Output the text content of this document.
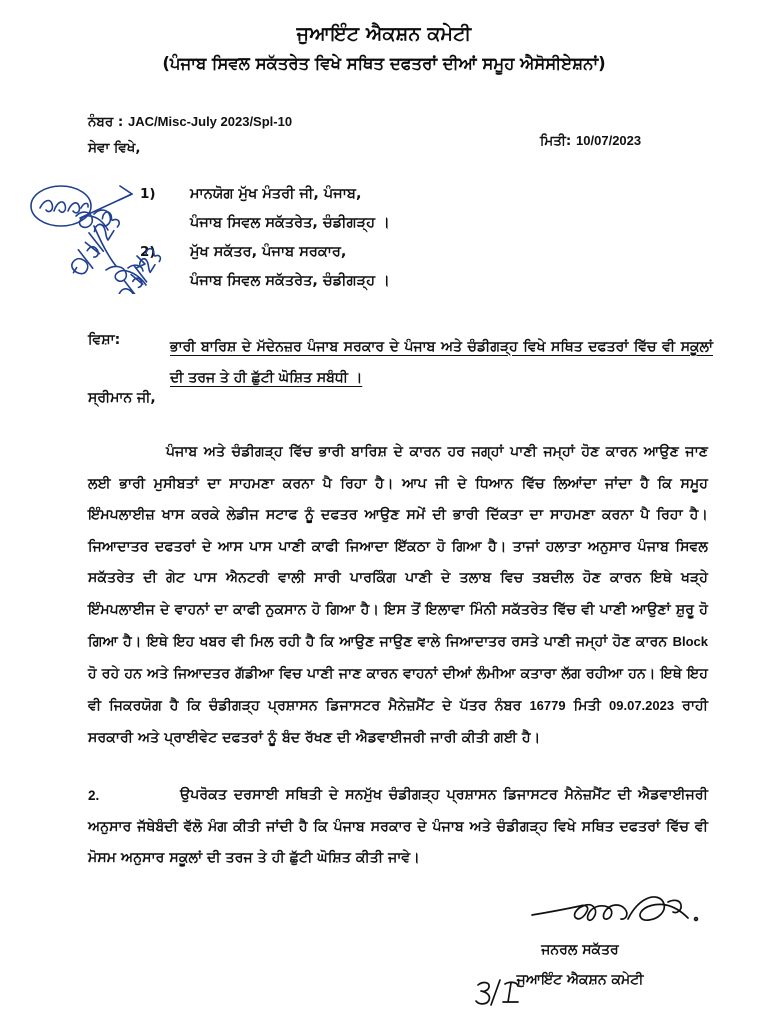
ਜੁਆਇੰਟ ਐਕਸ਼ਨ ਕਮੇਟੀ
(ਪੰਜਾਬ ਸਿਵਲ ਸਕੱਤਰੇਤ ਵਿਖੇ ਸਥਿਤ ਦਫਤਰਾਂ ਦੀਆਂ ਸਮੂਹ ਐਸੋਸੀਏਸ਼ਨਾਂ)
ਨੰਬਰ : JAC/Misc-July 2023/Spl-10
ਸੇਵਾ ਵਿਖੇ,	ਮਿਤੀ: 10/07/2023
1) ਮਾਨਯੋਗ ਮੁੱਖ ਮੰਤਰੀ ਜੀ, ਪੰਜਾਬ,
ਪੰਜਾਬ ਸਿਵਲ ਸਕੱਤਰੇਤ, ਚੰਡੀਗੜ੍ਹ ।
2) ਮੁੱਖ ਸਕੱਤਰ, ਪੰਜਾਬ ਸਰਕਾਰ,
ਪੰਜਾਬ ਸਿਵਲ ਸਕੱਤਰੇਤ, ਚੰਡੀਗੜ੍ਹ ।
ਵਿਸ਼ਾ:	ਭਾਰੀ ਬਾਰਿਸ਼ ਦੇ ਮੱਦੇਨਜ਼ਰ ਪੰਜਾਬ ਸਰਕਾਰ ਦੇ ਪੰਜਾਬ ਅਤੇ ਚੰਡੀਗੜ੍ਹ ਵਿਖੇ ਸਥਿਤ ਦਫਤਰਾਂ ਵਿੱਚ ਵੀ ਸਕੂਲਾਂ ਦੀ ਤਰਜ ਤੇ ਹੀ ਛੁੱਟੀ ਘੋਸ਼ਿਤ ਸਬੰਧੀ ।
ਸ੍ਰੀਮਾਨ ਜੀ,
ਪੰਜਾਬ ਅਤੇ ਚੰਡੀਗੜ੍ਹ ਵਿੱਚ ਭਾਰੀ ਬਾਰਿਸ਼ ਦੇ ਕਾਰਨ ਹਰ ਜਗ੍ਹਾਂ ਪਾਣੀ ਜਮ੍ਹਾਂ ਹੋਣ ਕਾਰਨ ਆਉਣ ਜਾਣ ਲਈ ਭਾਰੀ ਮੁਸੀਬਤਾਂ ਦਾ ਸਾਹਮਣਾ ਕਰਨਾ ਪੈ ਰਿਹਾ ਹੈ। ਆਪ ਜੀ ਦੇ ਧਿਆਨ ਵਿੱਚ ਲਿਆਂਦਾ ਜਾਂਦਾ ਹੈ ਕਿ ਸਮੂਹ ਇੰਮਪਲਾਈਜ਼ ਖਾਸ ਕਰਕੇ ਲੇਡੀਜ ਸਟਾਫ ਨੂੰ ਦਫਤਰ ਆਉਣ ਸਮੇਂ ਦੀ ਭਾਰੀ ਦਿੱਕਤਾ ਦਾ ਸਾਹਮਣਾ ਕਰਨਾ ਪੈ ਰਿਹਾ ਹੈ। ਜਿਆਦਾਤਰ ਦਫਤਰਾਂ ਦੇ ਆਸ ਪਾਸ ਪਾਣੀ ਕਾਫੀ ਜਿਆਦਾ ਇੱਕਠਾ ਹੋ ਗਿਆ ਹੈ। ਤਾਜਾਂ ਹਲਾਤਾ ਅਨੁਸਾਰ ਪੰਜਾਬ ਸਿਵਲ ਸਕੱਤਰੇਤ ਦੀ ਗੇਟ ਪਾਸ ਐਨਟਰੀ ਵਾਲੀ ਸਾਰੀ ਪਾਰਕਿੰਗ ਪਾਣੀ ਦੇ ਤਲਾਬ ਵਿਚ ਤਬਦੀਲ ਹੋਣ ਕਾਰਨ ਇਥੇ ਖੜ੍ਹੇ ਇੰਮਪਲਾਈਜ ਦੇ ਵਾਹਨਾਂ ਦਾ ਕਾਫੀ ਨੁਕਸਾਨ ਹੋ ਗਿਆ ਹੈ। ਇਸ ਤੋਂ ਇਲਾਵਾ ਮਿੰਨੀ ਸਕੱਤਰੇਤ ਵਿੱਚ ਵੀ ਪਾਣੀ ਆਉਣਾਂ ਸ਼ੁਰੂ ਹੋ ਗਿਆ ਹੈ। ਇਥੇ ਇਹ ਖਬਰ ਵੀ ਮਿਲ ਰਹੀ ਹੈ ਕਿ ਆਉਣ ਜਾਉਣ ਵਾਲੇ ਜਿਆਦਾਤਰ ਰਸਤੇ ਪਾਣੀ ਜਮ੍ਹਾਂ ਹੋਣ ਕਾਰਨ Block ਹੋ ਰਹੇ ਹਨ ਅਤੇ ਜਿਆਦਤਰ ਗੱਡੀਆ ਵਿਚ ਪਾਣੀ ਜਾਣ ਕਾਰਨ ਵਾਹਨਾਂ ਦੀਆਂ ਲੰਮੀਆ ਕਤਾਰਾ ਲੱਗ ਰਹੀਆ ਹਨ। ਇਥੇ ਇਹ ਵੀ ਜਿਕਰਯੋਗ ਹੈ ਕਿ ਚੰਡੀਗੜ੍ਹ ਪ੍ਰਸ਼ਾਸਨ ਡਿਜਾਸਟਰ ਮੈਨੇਜ਼ਮੈਂਟ ਦੇ ਪੱਤਰ ਨੰਬਰ 16779 ਮਿਤੀ 09.07.2023 ਰਾਹੀ ਸਰਕਾਰੀ ਅਤੇ ਪ੍ਰਾਈਵੇਟ ਦਫਤਰਾਂ ਨੂੰ ਬੰਦ ਰੱਖਣ ਦੀ ਐਡਵਾਈਜਰੀ ਜਾਰੀ ਕੀਤੀ ਗਈ ਹੈ।
2.	ਉਪਰੋਕਤ ਦਰਸਾਈ ਸਥਿਤੀ ਦੇ ਸਨਮੁੱਖ ਚੰਡੀਗੜ੍ਹ ਪ੍ਰਸ਼ਾਸਨ ਡਿਜਾਸਟਰ ਮੈਨੇਜ਼ਮੈਂਟ ਦੀ ਐਡਵਾਈਜਰੀ ਅਨੁਸਾਰ ਜੱਥੇਬੰਦੀ ਵੱਲੋ ਮੰਗ ਕੀਤੀ ਜਾਂਦੀ ਹੈ ਕਿ ਪੰਜਾਬ ਸਰਕਾਰ ਦੇ ਪੰਜਾਬ ਅਤੇ ਚੰਡੀਗੜ੍ਹ ਵਿਖੇ ਸਥਿਤ ਦਫਤਰਾਂ ਵਿੱਚ ਵੀ ਮੋਸਮ ਅਨੁਸਾਰ ਸਕੂਲਾਂ ਦੀ ਤਰਜ ਤੇ ਹੀ ਛੁੱਟੀ ਘੋਸ਼ਿਤ ਕੀਤੀ ਜਾਵੇ।
ਜਨਰਲ ਸਕੱਤਰ
ਜੁਆਇੰਟ ਐਕਸ਼ਨ ਕਮੇਟੀ
